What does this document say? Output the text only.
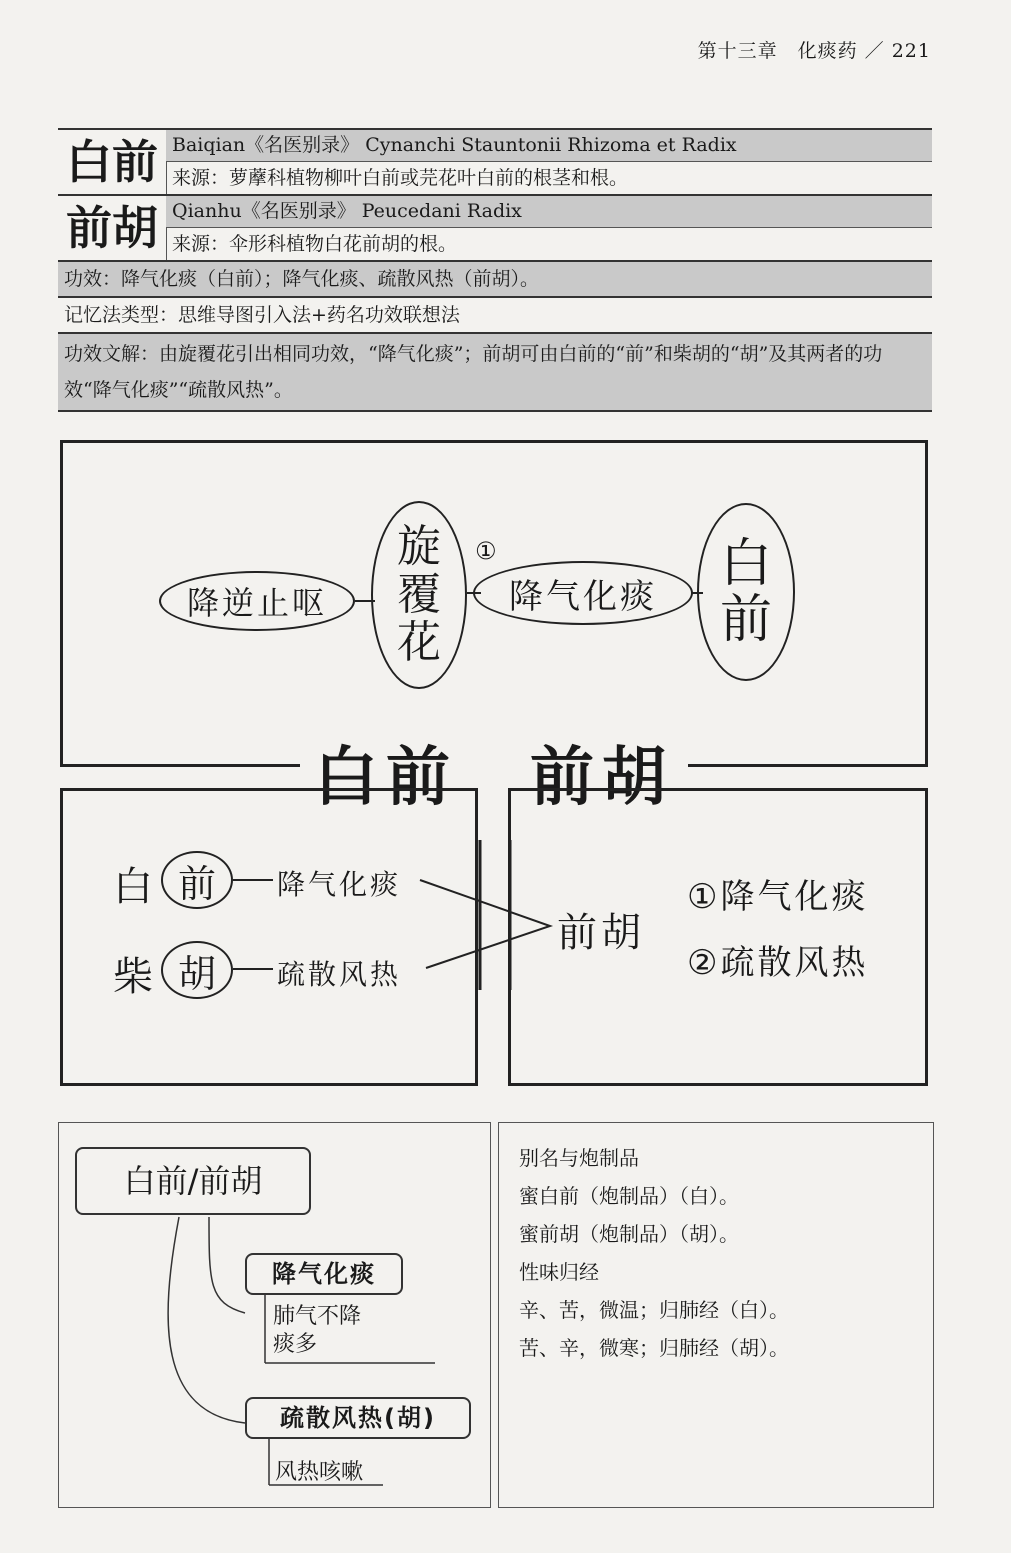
第十三章　化痰药 ／ 221
白前 Baiqian《名医别录》 Cynanchi Stauntonii Rhizoma et Radix
来源：萝藦科植物柳叶白前或芫花叶白前的根茎和根。
前胡 Qianhu《名医别录》 Peucedani Radix
来源：伞形科植物白花前胡的根。
功效：降气化痰（白前）；降气化痰、疏散风热（前胡）。
记忆法类型：思维导图引入法+药名功效联想法
功效文解：由旋覆花引出相同功效，“降气化痰”；前胡可由白前的“前”和柴胡的“胡”及其两者的功效“降气化痰”“疏散风热”。
降逆止呕
旋覆花
①
降气化痰
白前
白前　前胡
白 前	降气化痰
柴 胡	疏散风热
前胡
①降气化痰
②疏散风热
白前/前胡
降气化痰
肺气不降
痰多
疏散风热(胡)
风热咳嗽
别名与炮制品
蜜白前（炮制品）（白）。
蜜前胡（炮制品）（胡）。
性味归经
辛、苦，微温；归肺经（白）。
苦、辛，微寒；归肺经（胡）。
